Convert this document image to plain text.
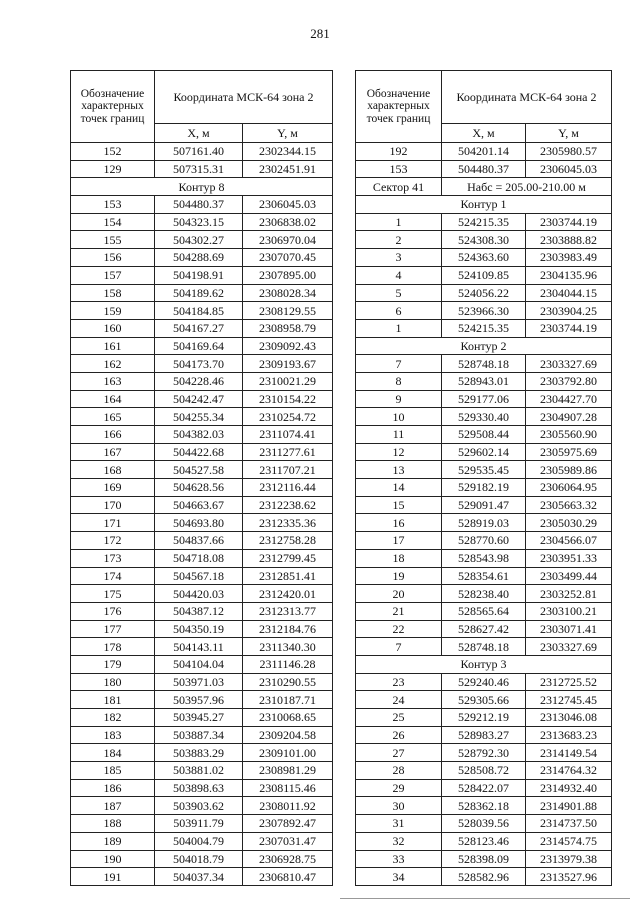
281
Обозначение характерных точек границ	Координата МСК-64 зона 2	
	X, м	Y, м
152	507161.40	2302344.15
129	507315.31	2302451.91
Контур 8		
153	504480.37	2306045.03
154	504323.15	2306838.02
155	504302.27	2306970.04
156	504288.69	2307070.45
157	504198.91	2307895.00
158	504189.62	2308028.34
159	504184.85	2308129.55
160	504167.27	2308958.79
161	504169.64	2309092.43
162	504173.70	2309193.67
163	504228.46	2310021.29
164	504242.47	2310154.22
165	504255.34	2310254.72
166	504382.03	2311074.41
167	504422.68	2311277.61
168	504527.58	2311707.21
169	504628.56	2312116.44
170	504663.67	2312238.62
171	504693.80	2312335.36
172	504837.66	2312758.28
173	504718.08	2312799.45
174	504567.18	2312851.41
175	504420.03	2312420.01
176	504387.12	2312313.77
177	504350.19	2312184.76
178	504143.11	2311340.30
179	504104.04	2311146.28
180	503971.03	2310290.55
181	503957.96	2310187.71
182	503945.27	2310068.65
183	503887.34	2309204.58
184	503883.29	2309101.00
185	503881.02	2308981.29
186	503898.63	2308115.46
187	503903.62	2308011.92
188	503911.79	2307892.47
189	504004.79	2307031.47
190	504018.79	2306928.75
191	504037.34	2306810.47
Обозначение характерных точек границ	Координата МСК-64 зона 2	
	X, м	Y, м
192	504201.14	2305980.57
153	504480.37	2306045.03
Сектор 41	Набс = 205.00-210.00 м	
Контур 1		
1	524215.35	2303744.19
2	524308.30	2303888.82
3	524363.60	2303983.49
4	524109.85	2304135.96
5	524056.22	2304044.15
6	523966.30	2303904.25
1	524215.35	2303744.19
Контур 2		
7	528748.18	2303327.69
8	528943.01	2303792.80
9	529177.06	2304427.70
10	529330.40	2304907.28
11	529508.44	2305560.90
12	529602.14	2305975.69
13	529535.45	2305989.86
14	529182.19	2306064.95
15	529091.47	2305663.32
16	528919.03	2305030.29
17	528770.60	2304566.07
18	528543.98	2303951.33
19	528354.61	2303499.44
20	528238.40	2303252.81
21	528565.64	2303100.21
22	528627.42	2303071.41
7	528748.18	2303327.69
Контур 3		
23	529240.46	2312725.52
24	529305.66	2312745.45
25	529212.19	2313046.08
26	528983.27	2313683.23
27	528792.30	2314149.54
28	528508.72	2314764.32
29	528422.07	2314932.40
30	528362.18	2314901.88
31	528039.56	2314737.50
32	528123.46	2314574.75
33	528398.09	2313979.38
34	528582.96	2313527.96
